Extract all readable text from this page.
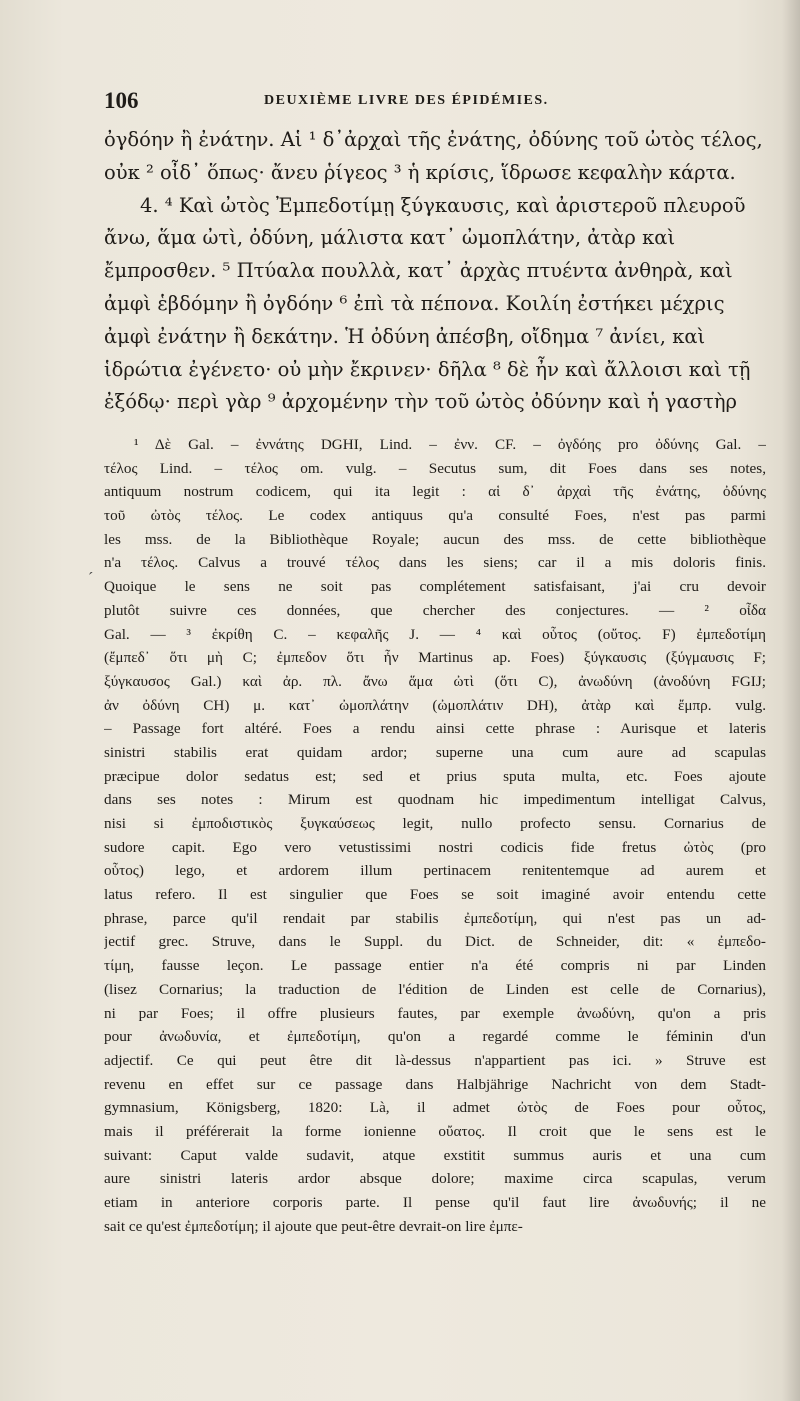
106	DEUXIÈME LIVRE DES ÉPIDÉMIES.
ὀγδόην ἢ ἐνάτην. Αἱ ¹ δ᾽ἀρχαὶ τῆς ἐνάτης, ὀδύνης τοῦ ὠτὸς τέλος,
οὐκ ² οἶδ᾽ ὅπως· ἄνευ ῥίγεος ³ ἡ κρίσις, ἵδρωσε κεφαλὴν κάρτα.
4. ⁴ Καὶ ὠτὸς Ἐμπεδοτίμῃ ξύγκαυσις, καὶ ἀριστεροῦ πλευροῦ
ἄνω, ἅμα ὠτὶ, ὀδύνη, μάλιστα κατ᾽ ὠμοπλάτην, ἀτὰρ καὶ
ἔμπροσθεν. ⁵ Πτύαλα πουλλὰ, κατ᾽ ἀρχὰς πτυέντα ἀνθηρὰ, καὶ
ἀμφὶ ἑβδόμην ἢ ὀγδόην ⁶ ἐπὶ τὰ πέπονα. Κοιλίη ἐστήκει μέχρις
ἀμφὶ ἐνάτην ἢ δεκάτην. Ἡ ὀδύνη ἀπέσβη, οἴδημα ⁷ ἀνίει, καὶ
ἱδρώτια ἐγένετο· οὐ μὴν ἔκρινεν· δῆλα ⁸ δὲ ἦν καὶ ἄλλοισι καὶ τῇ
ἐξόδῳ· περὶ γὰρ ⁹ ἀρχομένην τὴν τοῦ ὠτὸς ὀδύνην καὶ ἡ γαστὴρ
´
¹ Δὲ Gal. – ἐννάτης DGHI, Lind. – ἐνν. CF. – ὀγδόης pro ὀδύνης Gal. –
τέλος Lind. – τέλος om. vulg. – Secutus sum, dit Foes dans ses notes,
antiquum nostrum codicem, qui ita legit : αἱ δ᾽ ἀρχαὶ τῆς ἐνάτης, ὀδύνης
τοῦ ὠτὸς τέλος. Le codex antiquus qu'a consulté Foes, n'est pas parmi
les mss. de la Bibliothèque Royale; aucun des mss. de cette bibliothèque
n'a τέλος. Calvus a trouvé τέλος dans les siens; car il a mis doloris finis.
Quoique le sens ne soit pas complétement satisfaisant, j'ai cru devoir
plutôt suivre ces données, que chercher des conjectures. — ² οἶδα
Gal. — ³ ἐκρίθη C. – κεφαλῆς J. — ⁴ καὶ οὗτος (οὔτος. F) ἐμπεδοτίμη
(ἔμπεδ᾽ ὅτι μὴ C; ἐμπεδον ὅτι ἦν Martinus ap. Foes) ξύγκαυσις (ξύγμαυσις F;
ξύγκαυσος Gal.) καὶ ἀρ. πλ. ἄνω ἅμα ὠτὶ (ὅτι C), ἀνωδύνη (ἀνοδύνη FGIJ;
ἀν ὀδύνη CH) μ. κατ᾽ ὠμοπλάτην (ὠμοπλάτιν DH), ἀτὰρ καὶ ἔμπρ. vulg.
– Passage fort altéré. Foes a rendu ainsi cette phrase : Aurisque et lateris
sinistri stabilis erat quidam ardor; superne una cum aure ad scapulas
præcipue dolor sedatus est; sed et prius sputa multa, etc. Foes ajoute
dans ses notes : Mirum est quodnam hic impedimentum intelligat Calvus,
nisi si ἐμποδιστικὸς ξυγκαύσεως legit, nullo profecto sensu. Cornarius de
sudore capit. Ego vero vetustissimi nostri codicis fide fretus ὠτὸς (pro
οὗτος) lego, et ardorem illum pertinacem renitentemque ad aurem et
latus refero. Il est singulier que Foes se soit imaginé avoir entendu cette
phrase, parce qu'il rendait par stabilis ἐμπεδοτίμη, qui n'est pas un ad-
jectif grec. Struve, dans le Suppl. du Dict. de Schneider, dit: « ἐμπεδο-
τίμη, fausse leçon. Le passage entier n'a été compris ni par Linden
(lisez Cornarius; la traduction de l'édition de Linden est celle de Cornarius),
ni par Foes; il offre plusieurs fautes, par exemple ἀνωδύνη, qu'on a pris
pour ἀνωδυνία, et ἐμπεδοτίμη, qu'on a regardé comme le féminin d'un
adjectif. Ce qui peut être dit là-dessus n'appartient pas ici. » Struve est
revenu en effet sur ce passage dans Halbjährige Nachricht von dem Stadt-
gymnasium, Königsberg, 1820: Là, il admet ὠτὸς de Foes pour οὗτος,
mais il préférerait la forme ionienne οὔατος. Il croit que le sens est le
suivant: Caput valde sudavit, atque exstitit summus auris et una cum
aure sinistri lateris ardor absque dolore; maxime circa scapulas, verum
etiam in anteriore corporis parte. Il pense qu'il faut lire ἀνωδυνής; il ne
sait ce qu'est ἐμπεδοτίμη; il ajoute que peut-être devrait-on lire ἐμπε-
